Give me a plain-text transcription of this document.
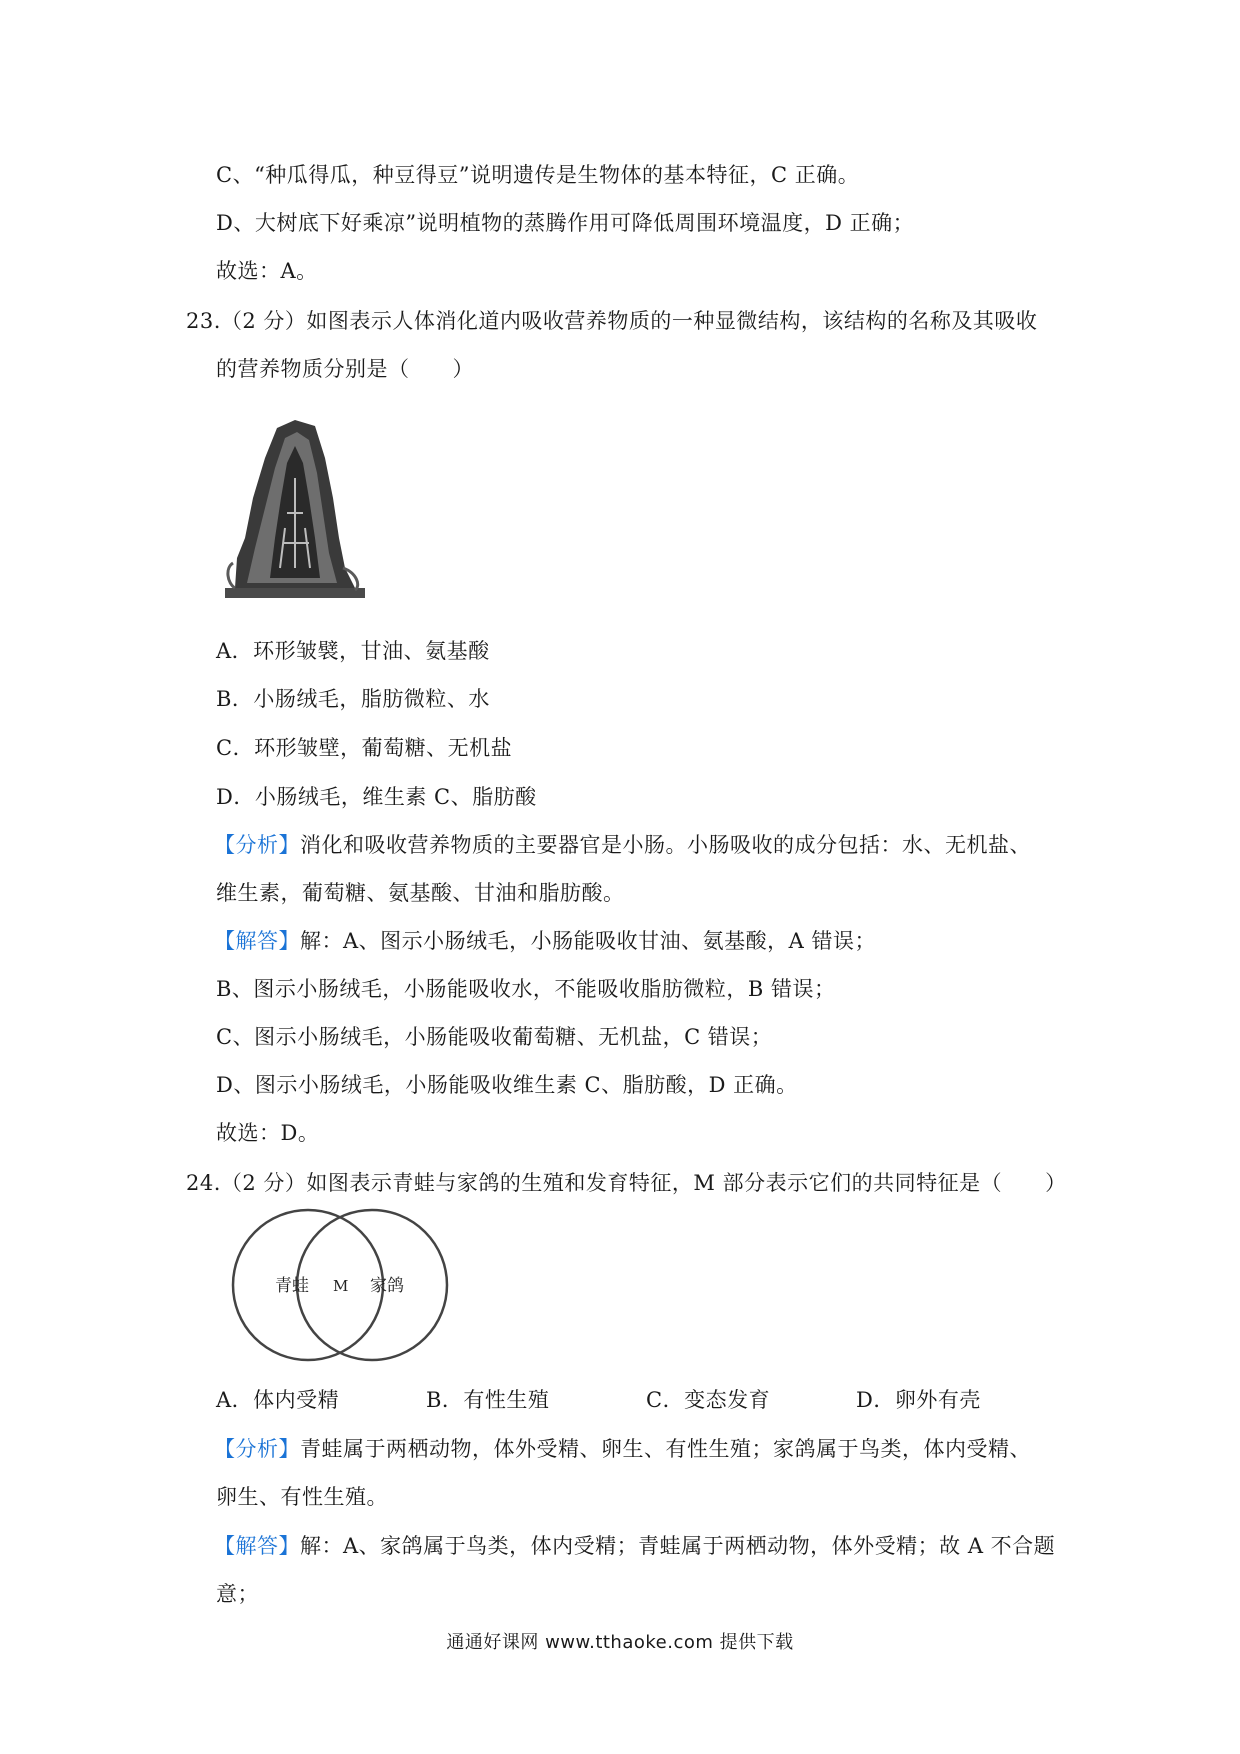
C、“种瓜得瓜，种豆得豆”说明遗传是生物体的基本特征，C 正确。
D、大树底下好乘凉”说明植物的蒸腾作用可降低周围环境温度，D 正确；
故选：A。
23.（2 分）如图表示人体消化道内吸收营养物质的一种显微结构，该结构的名称及其吸收
的营养物质分别是（　　）
A．环形皱襞，甘油、氨基酸
B．小肠绒毛，脂肪微粒、水
C．环形皱壁，葡萄糖、无机盐
D．小肠绒毛，维生素 C、脂肪酸
【分析】消化和吸收营养物质的主要器官是小肠。小肠吸收的成分包括：水、无机盐、
维生素，葡萄糖、氨基酸、甘油和脂肪酸。
【解答】解：A、图示小肠绒毛，小肠能吸收甘油、氨基酸，A 错误；
B、图示小肠绒毛，小肠能吸收水，不能吸收脂肪微粒，B 错误；
C、图示小肠绒毛，小肠能吸收葡萄糖、无机盐，C 错误；
D、图示小肠绒毛，小肠能吸收维生素 C、脂肪酸，D 正确。
故选：D。
24.（2 分）如图表示青蛙与家鸽的生殖和发育特征，M 部分表示它们的共同特征是（　　）
青蛙 M 家鸽
A．体内受精	B．有性生殖	C．变态发育	D．卵外有壳
【分析】青蛙属于两栖动物，体外受精、卵生、有性生殖；家鸽属于鸟类，体内受精、
卵生、有性生殖。
【解答】解：A、家鸽属于鸟类，体内受精；青蛙属于两栖动物，体外受精；故 A 不合题
意；
通通好课网 www.tthaoke.com 提供下载
